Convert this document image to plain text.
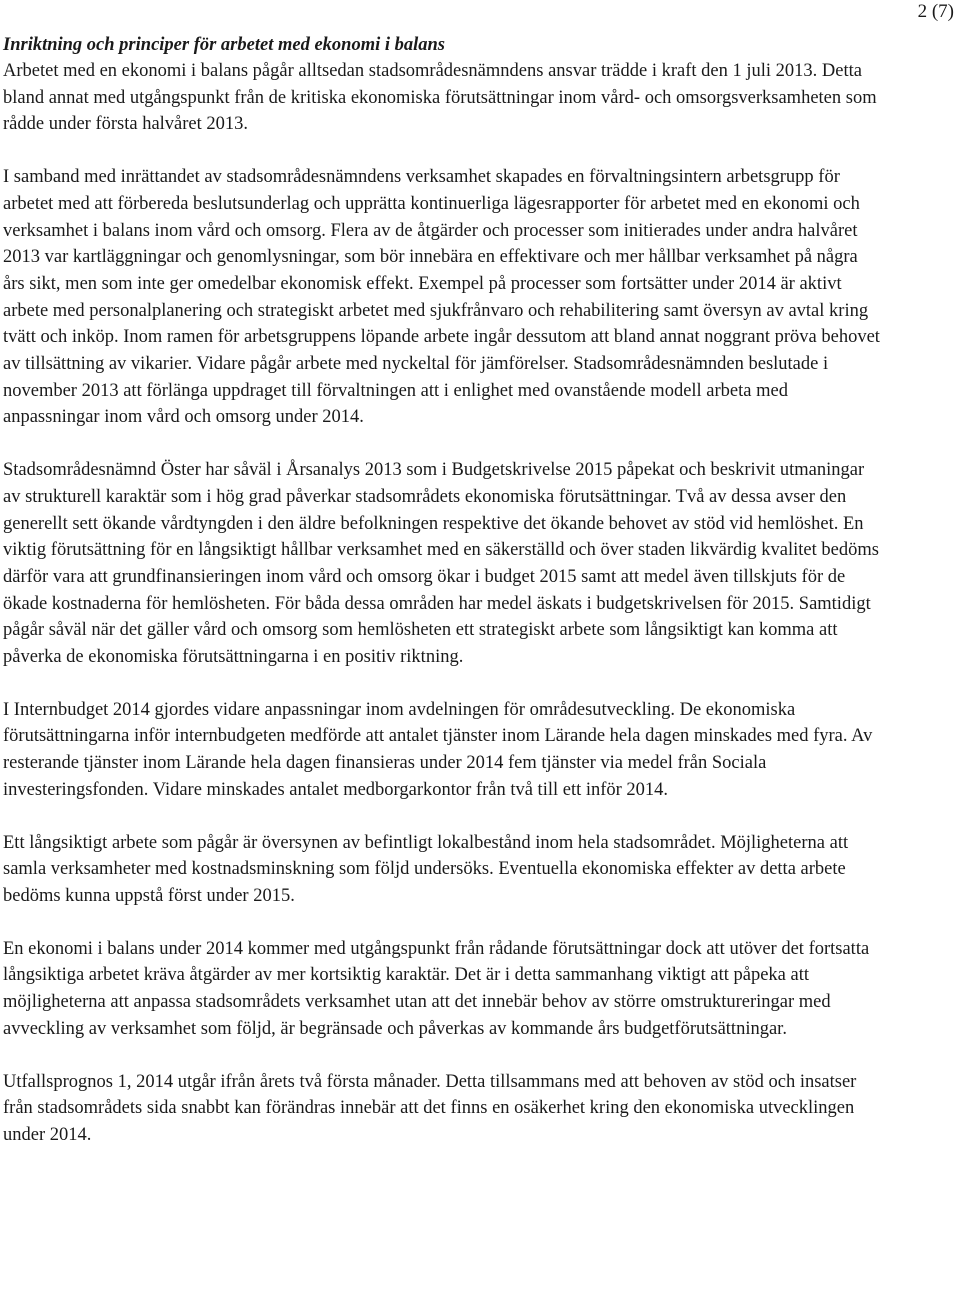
2 (7)

Inriktning och principer för arbetet med ekonomi i balans

Arbetet med en ekonomi i balans pågår alltsedan stadsområdesnämndens ansvar trädde i kraft den 1 juli 2013. Detta bland annat med utgångspunkt från de kritiska ekonomiska förutsättningar inom vård- och omsorgsverksamheten som rådde under första halvåret 2013.

I samband med inrättandet av stadsområdesnämndens verksamhet skapades en förvaltningsintern arbetsgrupp för arbetet med att förbereda beslutsunderlag och upprätta kontinuerliga lägesrapporter för arbetet med en ekonomi och verksamhet i balans inom vård och omsorg. Flera av de åtgärder och processer som initierades under andra halvåret 2013 var kartläggningar och genomlysningar, som bör innebära en effektivare och mer hållbar verksamhet på några års sikt, men som inte ger omedelbar ekonomisk effekt. Exempel på processer som fortsätter under 2014 är aktivt arbete med personalplanering och strategiskt arbetet med sjukfrånvaro och rehabilitering samt översyn av avtal kring tvätt och inköp. Inom ramen för arbetsgruppens löpande arbete ingår dessutom att bland annat noggrant pröva behovet av tillsättning av vikarier. Vidare pågår arbete med nyckeltal för jämförelser. Stadsområdesnämnden beslutade i november 2013 att förlänga uppdraget till förvaltningen att i enlighet med ovanstående modell arbeta med anpassningar inom vård och omsorg under 2014.

Stadsområdesnämnd Öster har såväl i Årsanalys 2013 som i Budgetskrivelse 2015 påpekat och beskrivit utmaningar av strukturell karaktär som i hög grad påverkar stadsområdets ekonomiska förutsättningar. Två av dessa avser den generellt sett ökande vårdtyngden i den äldre befolkningen respektive det ökande behovet av stöd vid hemlöshet. En viktig förutsättning för en långsiktigt hållbar verksamhet med en säkerställd och över staden likvärdig kvalitet bedöms därför vara att grundfinansieringen inom vård och omsorg ökar i budget 2015 samt att medel även tillskjuts för de ökade kostnaderna för hemlösheten. För båda dessa områden har medel äskats i budgetskrivelsen för 2015. Samtidigt pågår såväl när det gäller vård och omsorg som hemlösheten ett strategiskt arbete som långsiktigt kan komma att påverka de ekonomiska förutsättningarna i en positiv riktning.

I Internbudget 2014 gjordes vidare anpassningar inom avdelningen för områdesutveckling. De ekonomiska förutsättningarna inför internbudgeten medförde att antalet tjänster inom Lärande hela dagen minskades med fyra. Av resterande tjänster inom Lärande hela dagen finansieras under 2014 fem tjänster via medel från Sociala investeringsfonden. Vidare minskades antalet medborgarkontor från två till ett inför 2014.

Ett långsiktigt arbete som pågår är översynen av befintligt lokalbestånd inom hela stadsområdet. Möjligheterna att samla verksamheter med kostnadsminskning som följd undersöks. Eventuella ekonomiska effekter av detta arbete bedöms kunna uppstå först under 2015.

En ekonomi i balans under 2014 kommer med utgångspunkt från rådande förutsättningar dock att utöver det fortsatta långsiktiga arbetet kräva åtgärder av mer kortsiktig karaktär. Det är i detta sammanhang viktigt att påpeka att möjligheterna att anpassa stadsområdets verksamhet utan att det innebär behov av större omstruktureringar med avveckling av verksamhet som följd, är begränsade och påverkas av kommande års budgetförutsättningar.

Utfallsprognos 1, 2014 utgår ifrån årets två första månader. Detta tillsammans med att behoven av stöd och insatser från stadsområdets sida snabbt kan förändras innebär att det finns en osäkerhet kring den ekonomiska utvecklingen under 2014.
